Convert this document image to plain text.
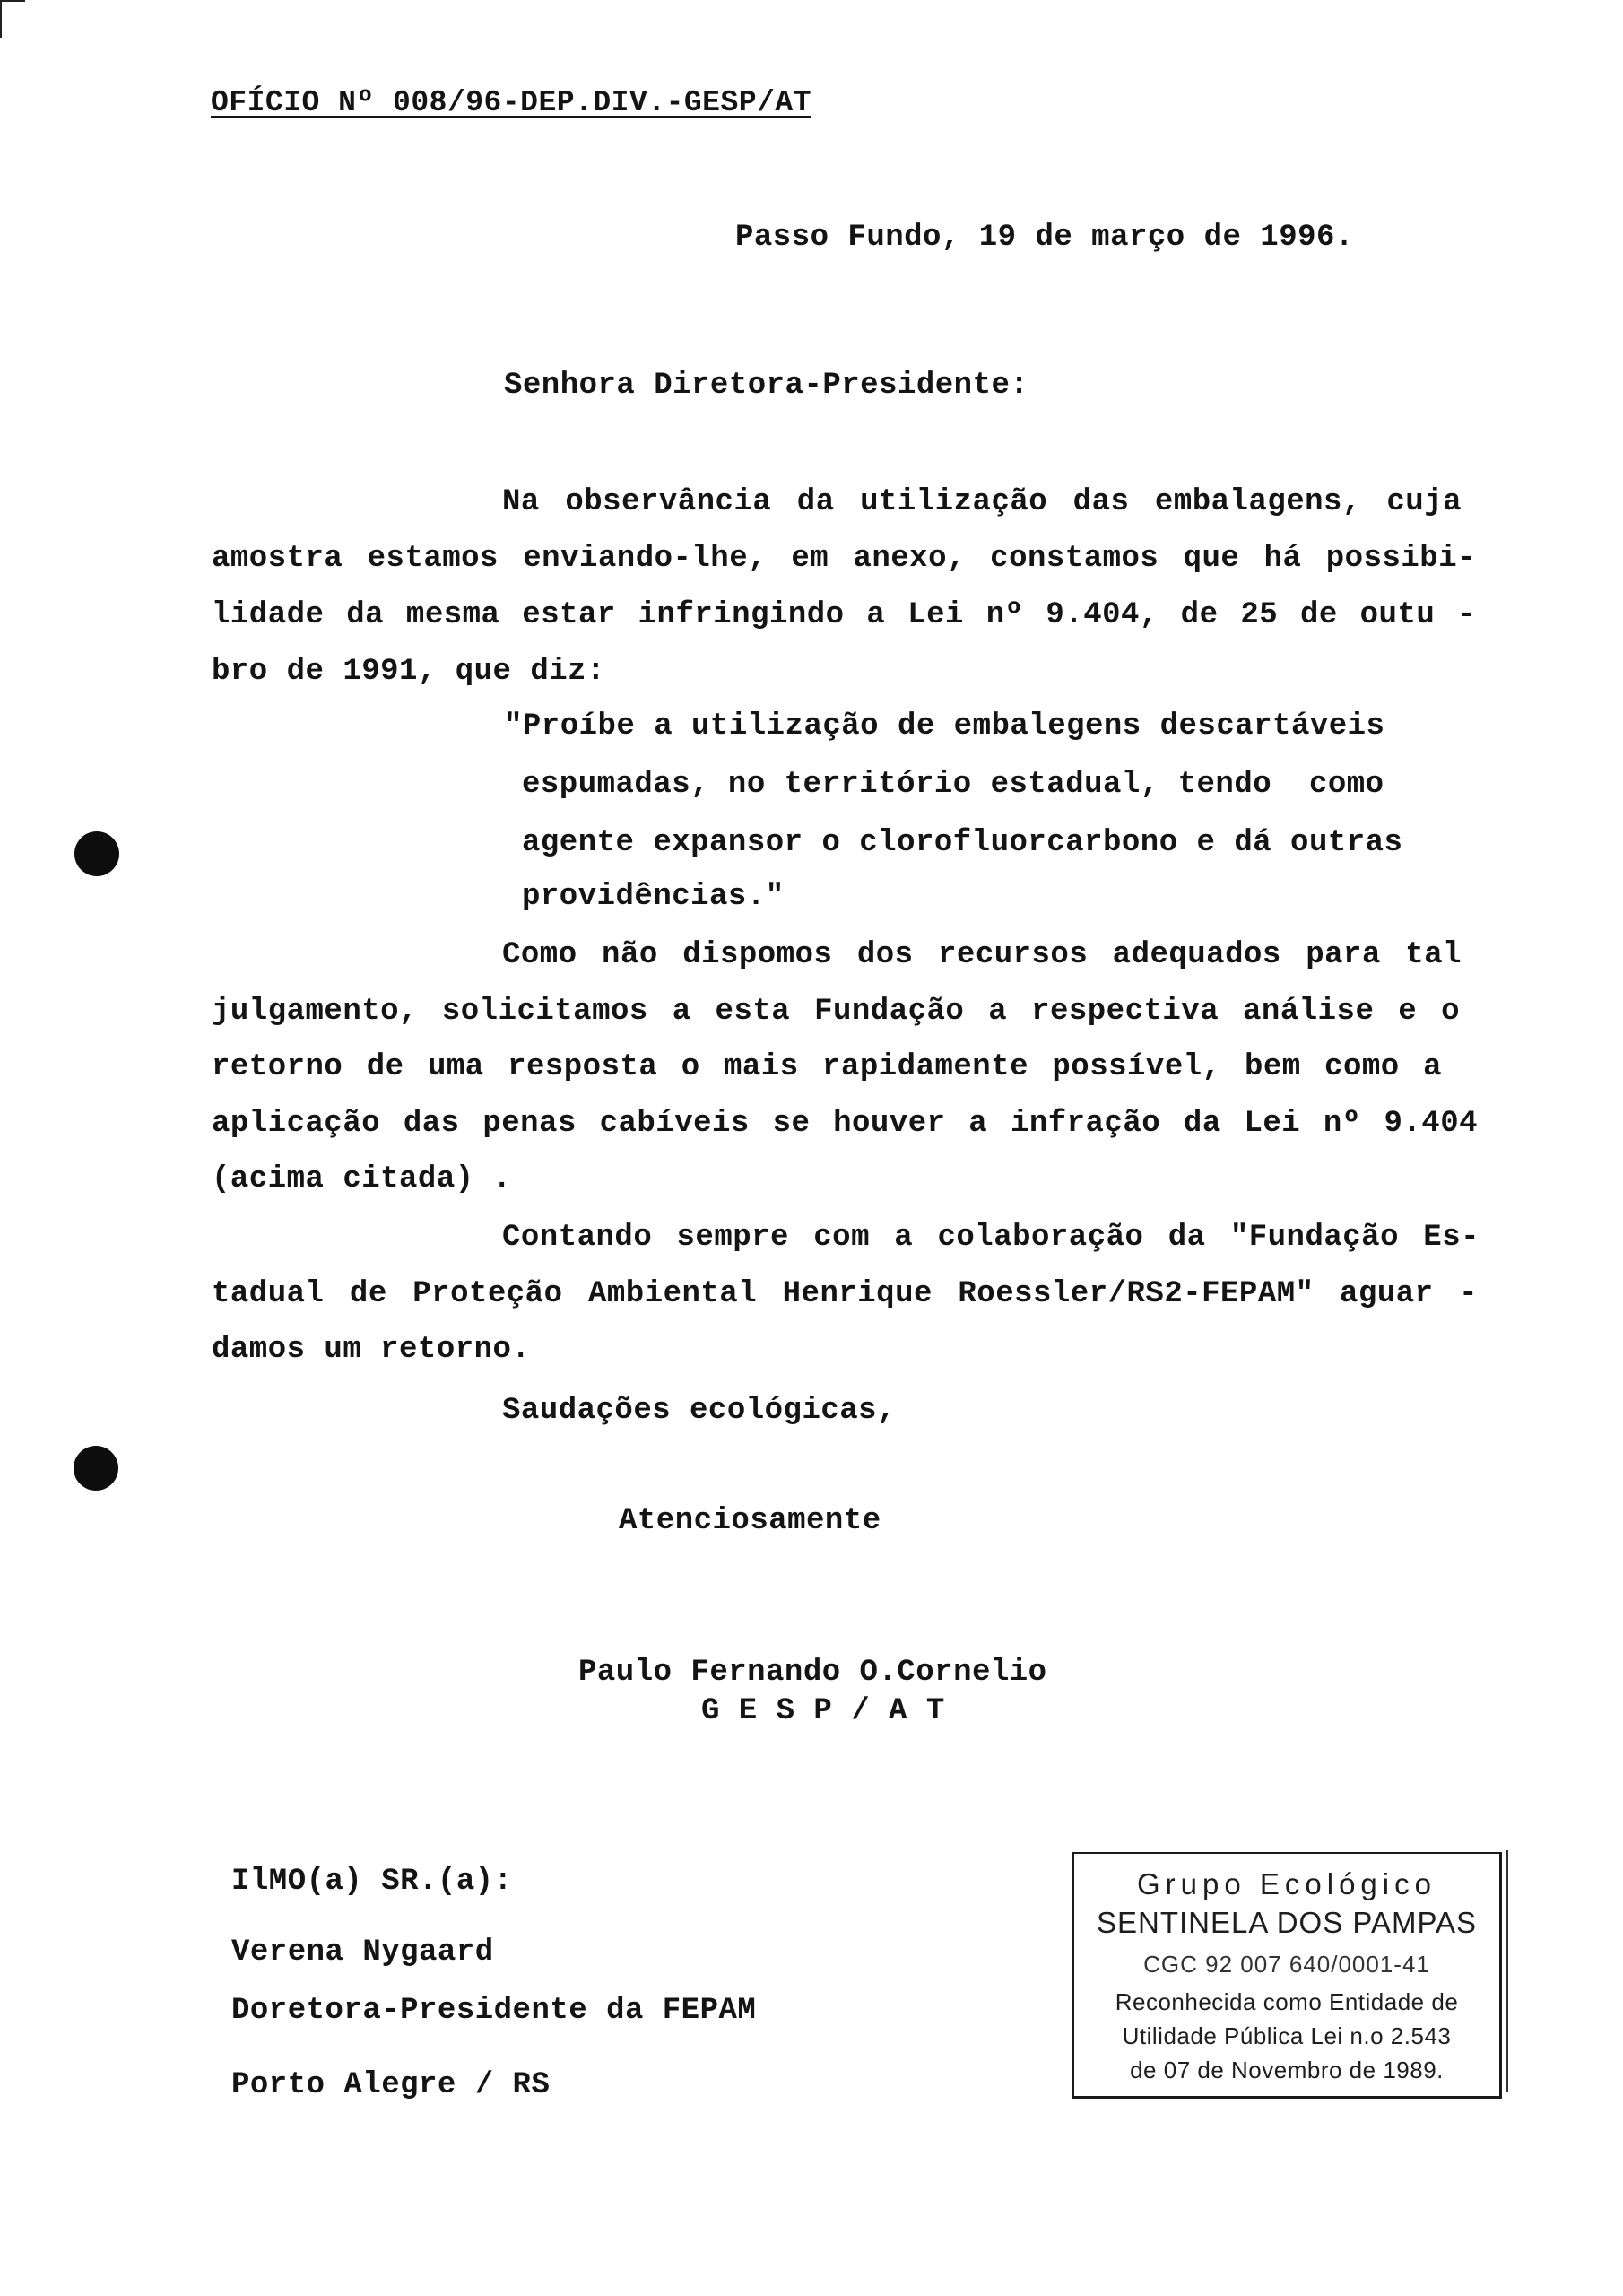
OFÍCIO Nº 008/96-DEP.DIV.-GESP/AT
Passo Fundo, 19 de março de 1996.
Senhora Diretora-Presidente:
Na observância da utilização das embalagens, cuja
amostra estamos enviando-lhe, em anexo, constamos que há possibi-
lidade da mesma estar infringindo a Lei nº 9.404, de 25 de outu -
bro de 1991, que diz:
"Proíbe a utilização de embalegens descartáveis
espumadas, no território estadual, tendo  como
agente expansor o clorofluorcarbono e dá outras
providências."
Como não dispomos dos recursos adequados para tal
julgamento, solicitamos a esta Fundação a respectiva análise e o
retorno de uma resposta o mais rapidamente possível, bem como a
aplicação das penas cabíveis se houver a infração da Lei nº 9.404
(acima citada) .
Contando sempre com a colaboração da "Fundação Es-
tadual de Proteção Ambiental Henrique Roessler/RS2-FEPAM" aguar -
damos um retorno.
Saudações ecológicas,
Atenciosamente
Paulo Fernando O.Cornelio
G E S P / A T
IlMO(a) SR.(a):
Verena Nygaard
Doretora-Presidente da FEPAM
Porto Alegre / RS
Grupo Ecológico
SENTINELA DOS PAMPAS
CGC 92 007 640/0001-41
Reconhecida como Entidade de
Utilidade Pública Lei n.o 2.543
de 07 de Novembro de 1989.
